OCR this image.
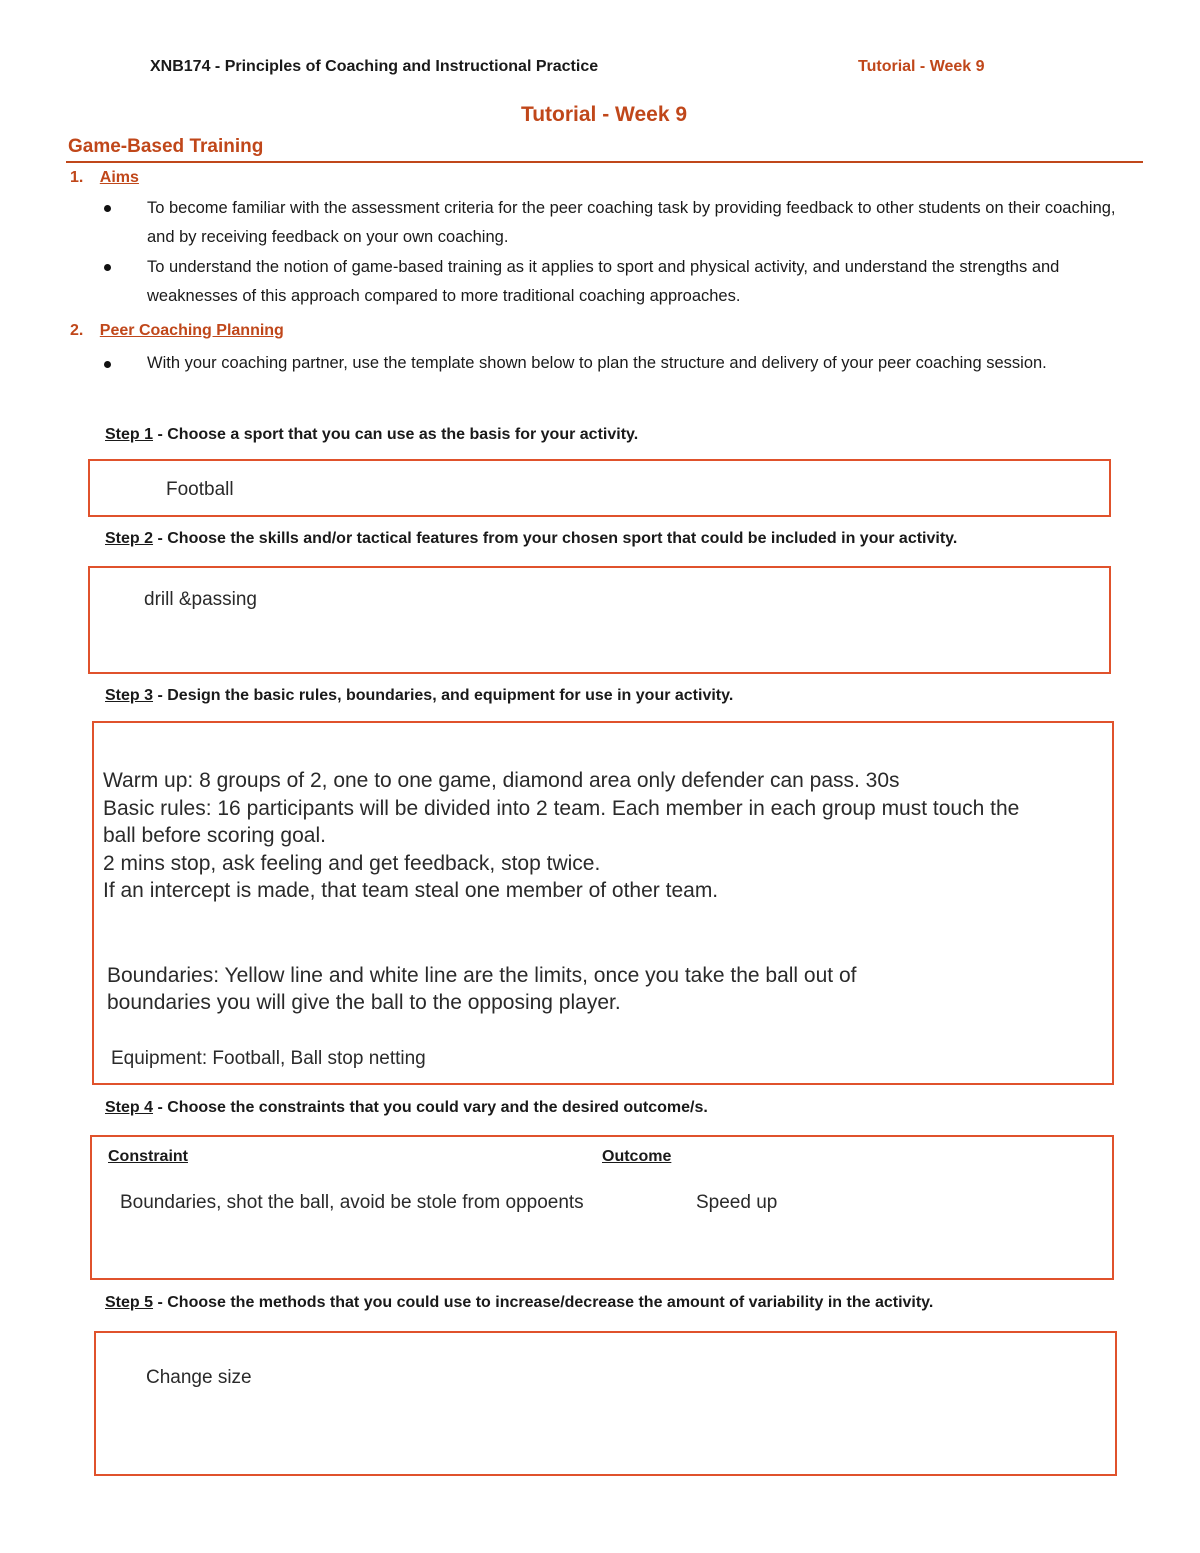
XNB174 - Principles of Coaching and Instructional Practice	Tutorial - Week 9
Tutorial - Week 9
Game-Based Training
1. Aims
To become familiar with the assessment criteria for the peer coaching task by providing feedback to other students on their coaching, and by receiving feedback on your own coaching.
To understand the notion of game-based training as it applies to sport and physical activity, and understand the strengths and weaknesses of this approach compared to more traditional coaching approaches.
2. Peer Coaching Planning
With your coaching partner, use the template shown below to plan the structure and delivery of your peer coaching session.
Step 1 - Choose a sport that you can use as the basis for your activity.
Football
Step 2 - Choose the skills and/or tactical features from your chosen sport that could be included in your activity.
drill &passing
Step 3 - Design the basic rules, boundaries, and equipment for use in your activity.
Warm up: 8 groups of 2, one to one game, diamond area only defender can pass. 30s
Basic rules: 16 participants will be divided into 2 team. Each member in each group must touch the
ball before scoring goal.
2 mins stop, ask feeling and get feedback, stop twice.
If an intercept is made, that team steal one member of other team.
Boundaries: Yellow line and white line are the limits, once you take the ball out of
boundaries you will give the ball to the opposing player.
Equipment: Football, Ball stop netting
Step 4 - Choose the constraints that you could vary and the desired outcome/s.
Constraint	Outcome
Boundaries, shot the ball, avoid be stole from oppoents	Speed up
Step 5 - Choose the methods that you could use to increase/decrease the amount of variability in the activity.
Change size
